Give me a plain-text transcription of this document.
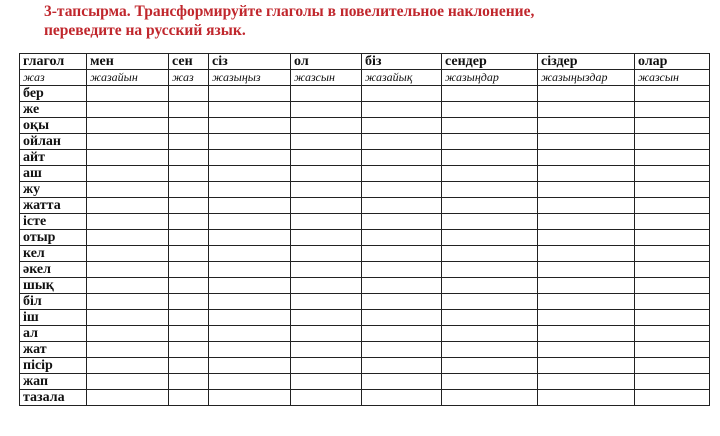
3-тапсырма. Трансформируйте глаголы в повелительное наклонение,
переведите на русский язык.
глагол	мен	сен	сіз	ол	біз	сендер	сіздер	олар
жаз	жазайын	жаз	жазыңыз	жазсын	жазайық	жазыңдар	жазыңыздар	жазсын
бер								
же								
оқы								
ойлан								
айт								
аш								
жу								
жатта								
істе								
отыр								
кел								
әкел								
шық								
біл								
іш								
ал								
жат								
пісір								
жап								
тазала								
